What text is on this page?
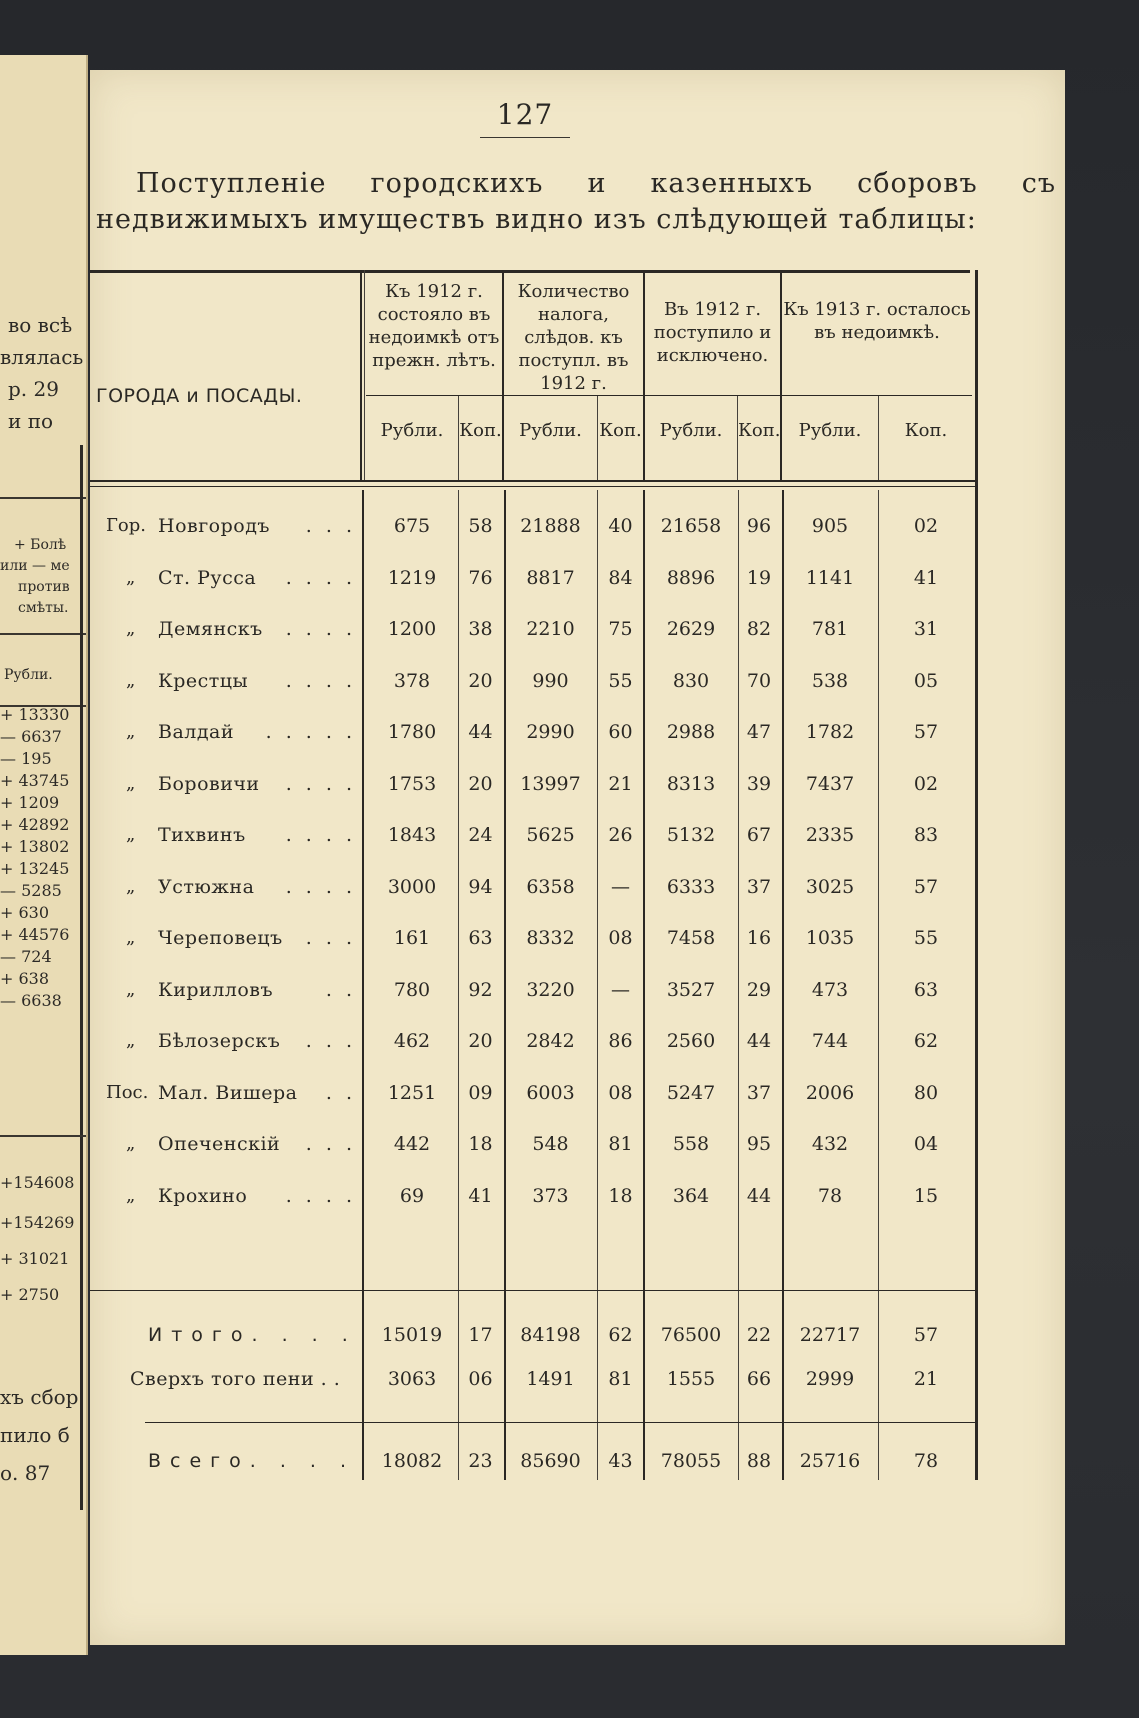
во всѣ
влялась
р. 29
и по
+ Болѣ
или — ме
против
смѣты.
Рубли.
+ 13330
— 6637
— 195
+ 43745
+ 1209
+ 42892
+ 13802
+ 13245
— 5285
+ 630
+ 44576
— 724
+ 638
— 6638
+154608
+154269
+ 31021
+ 2750
хъ сбор
пило б
о. 87
127
Поступленіе городскихъ и казенныхъ сборовъ съ недвижимыхъ имуществъ видно изъ слѣдующей таблицы:
ГОРОДА и ПОСАДЫ.
Къ 1912 г. состояло въ недоимкѣ отъ прежн. лѣтъ.
Количество налога, слѣдов. къ поступл. въ 1912 г.
Въ 1912 г. поступило и исключено.
Къ 1913 г. осталось въ недоимкѣ.
Рубли. Коп. Рубли. Коп. Рубли. Коп.	Рубли.	Коп.
Гор. Новгородъ . . .	675	58	21888	40	21658	96	905	02
„ Ст. Русса . . . .	1219	76	8817	84	8896	19	1141	41
„ Демянскъ . . . .	1200	38	2210	75	2629	82	781	31
„ Крестцы . . . .	378	20	990	55	830	70	538	05
„ Валдай . . . . .	1780	44	2990	60	2988	47	1782	57
„ Боровичи . . . .	1753	20	13997	21	8313	39	7437	02
„ Тихвинъ . . . .	1843	24	5625	26	5132	67	2335	83
„ Устюжна . . . .	3000	94	6358	—	6333	37	3025	57
„ Череповецъ . . .	161	63	8332	08	7458	16	1035	55
„ Кирилловъ	. .	780	92	3220	—	3527	29	473	63
„ Бѣлозерскъ . . .	462	20	2842	86	2560	44	744	62
Пос. Мал. Вишера . .	1251	09	6003	08	5247	37	2006	80
„ Опеченскій . . .	442	18	548	81	558	95	432	04
„ Крохино . . . .	69	41	373	18	364	44	78	15
Итого. . . .	15019	17	84198	62	76500	22	22717	57
Сверхъ того пени . .	3063	06	1491	81	1555	66	2999	21
Всего. . . .	18082	23	85690	43	78055	88	25716	78
